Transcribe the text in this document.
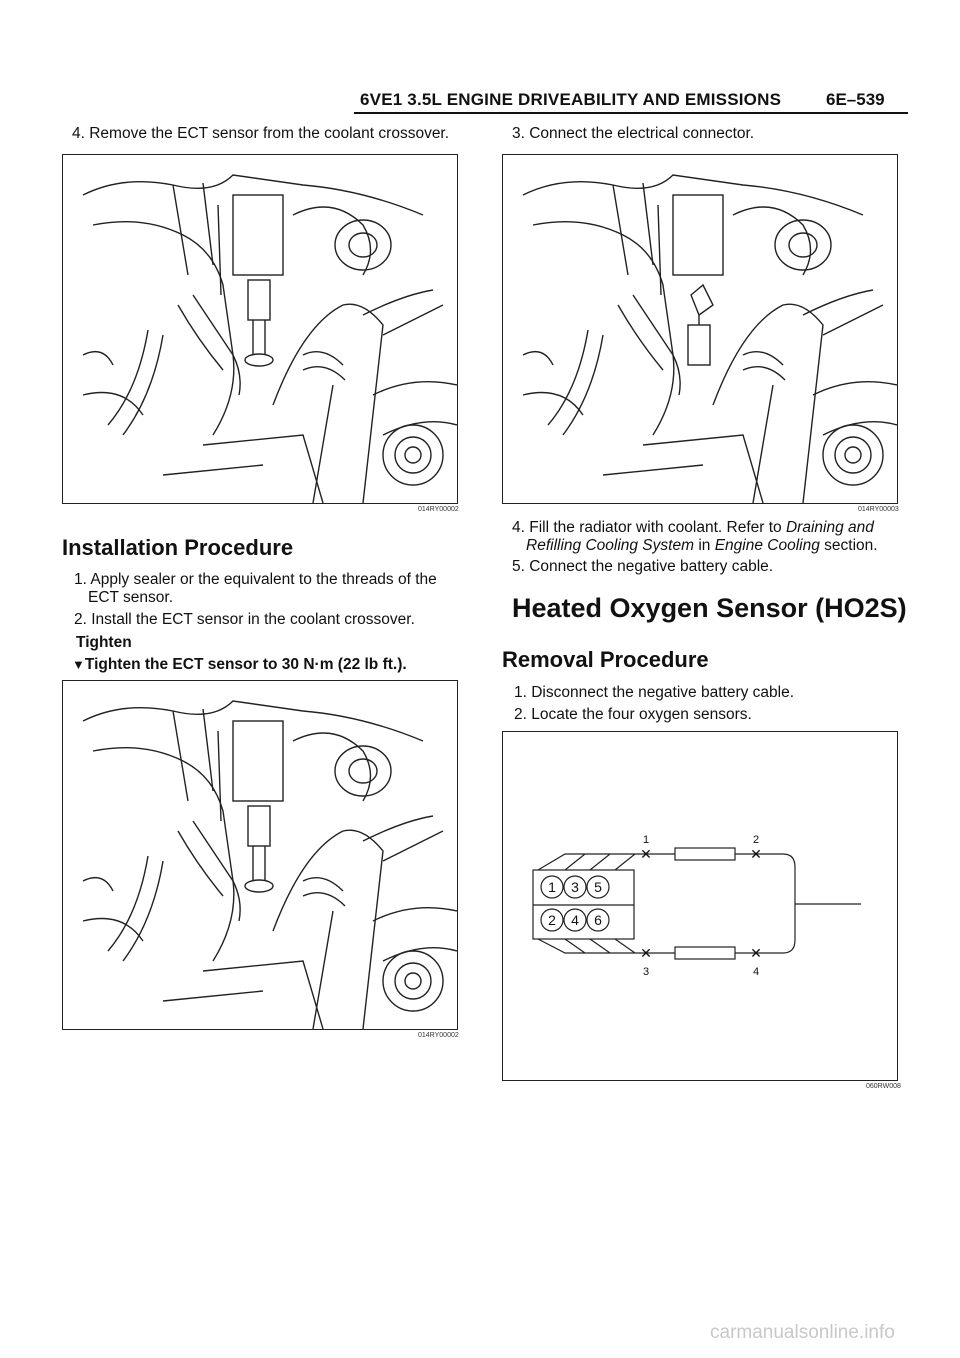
6VE1 3.5L ENGINE DRIVEABILITY AND EMISSIONS	6E–539
4. Remove the ECT sensor from the coolant crossover.
014RY00002
Installation Procedure
1. Apply sealer or the equivalent to the threads of the
ECT sensor.
2. Install the ECT sensor in the coolant crossover.
Tighten
▼Tighten the ECT sensor to 30 N·m (22 lb ft.).
014RY00002
3. Connect the electrical connector.
014RY00003
4. Fill the radiator with coolant. Refer to Draining and
Refilling Cooling System in Engine Cooling section.
5. Connect the negative battery cable.
Heated Oxygen Sensor (HO2S)
Removal Procedure
1. Disconnect the negative battery cable.
2. Locate the four oxygen sensors.
1 3 5
2 4 6
✕	✕
✕	✕
1	2
3	4
060RW008
carmanualsonline.info
